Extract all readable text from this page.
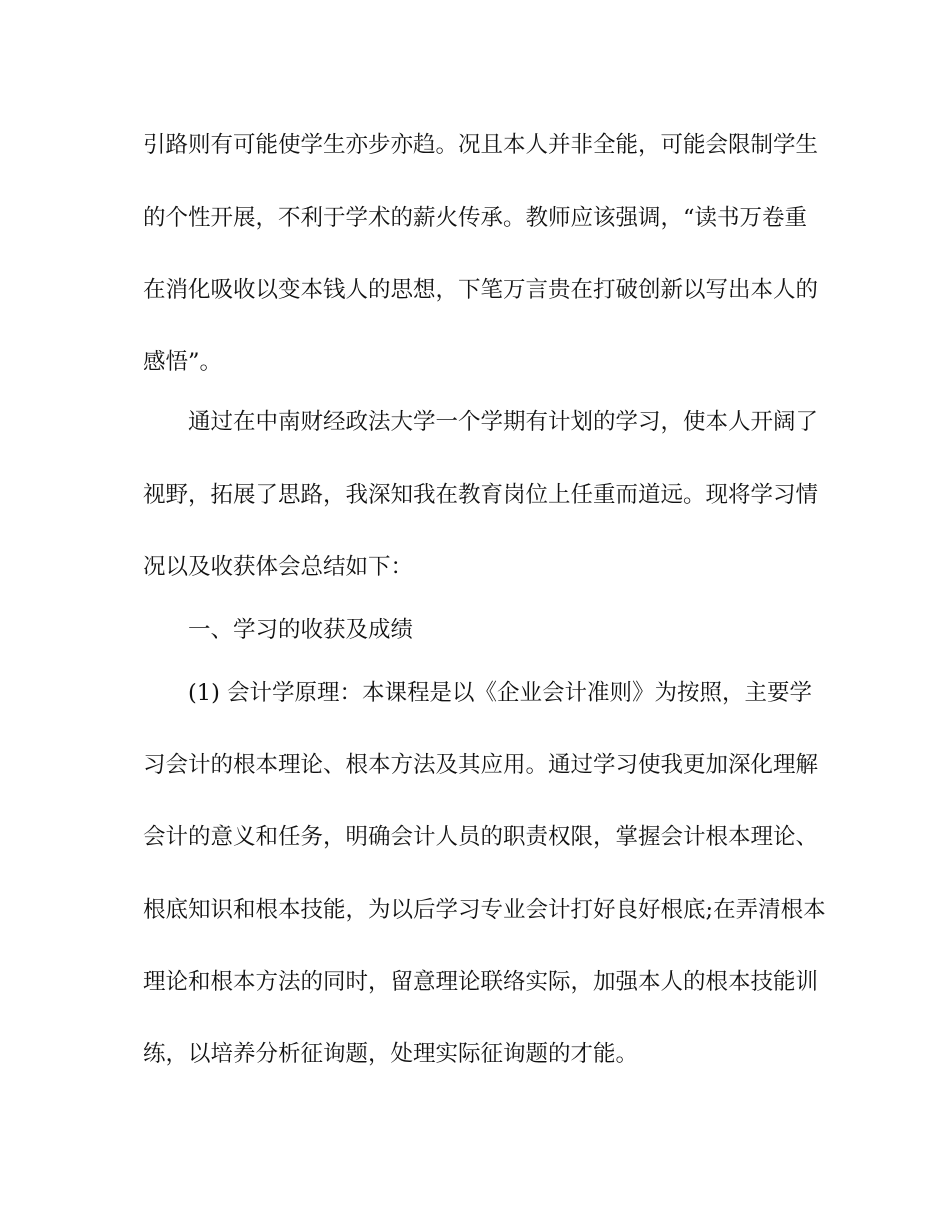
引路则有可能使学生亦步亦趋。况且本人并非全能，可能会限制学生
的个性开展，不利于学术的薪火传承。教师应该强调，“读书万卷重
在消化吸收以变本钱人的思想，下笔万言贵在打破创新以写出本人的
感悟”。
通过在中南财经政法大学一个学期有计划的学习，使本人开阔了
视野，拓展了思路，我深知我在教育岗位上任重而道远。现将学习情
况以及收获体会总结如下：
一、学习的收获及成绩
(1) 会计学原理：本课程是以《企业会计准则》为按照，主要学
习会计的根本理论、根本方法及其应用。通过学习使我更加深化理解
会计的意义和任务，明确会计人员的职责权限，掌握会计根本理论、
根底知识和根本技能，为以后学习专业会计打好良好根底;在弄清根本
理论和根本方法的同时，留意理论联络实际，加强本人的根本技能训
练，以培养分析征询题，处理实际征询题的才能。
